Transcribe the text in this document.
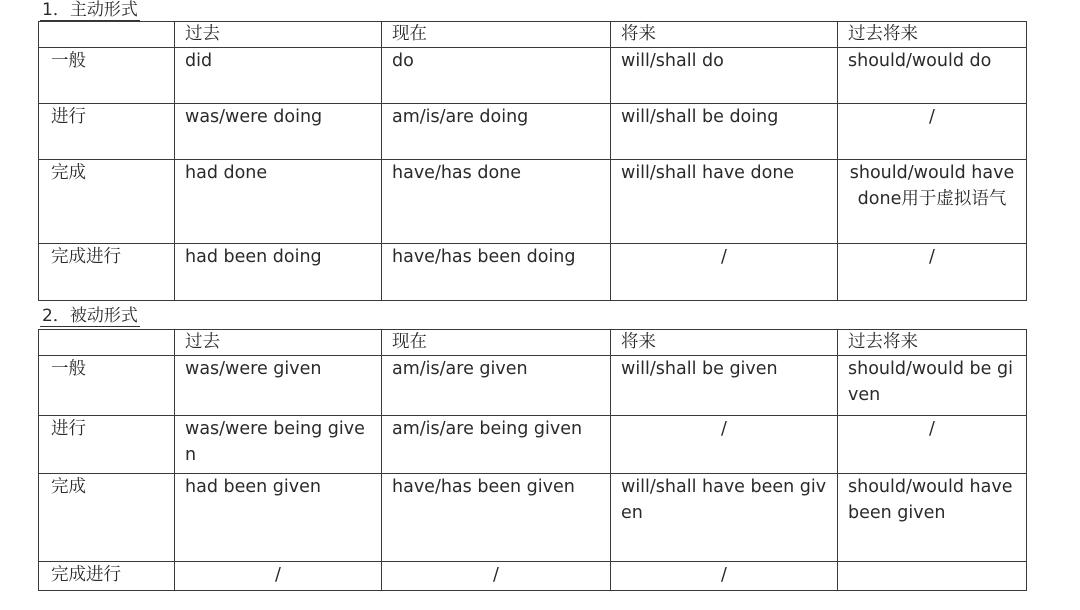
1．主动形式
	过去	现在	将来	过去将来
一般	did	do	will/shall do	should/would do
进行	was/were doing	am/is/are doing	will/shall be doing	/
完成	had done	have/has done	will/shall have done	should/would have done用于虚拟语气
完成进行	had been doing	have/has been doing	/	/
2．被动形式
	过去	现在	将来	过去将来
一般	was/were given	am/is/are given	will/shall be given	should/would be given
进行	was/were being given	am/is/are being given	/	/
完成	had been given	have/has been given	will/shall have been given	should/would have been given
完成进行	/	/	/	
